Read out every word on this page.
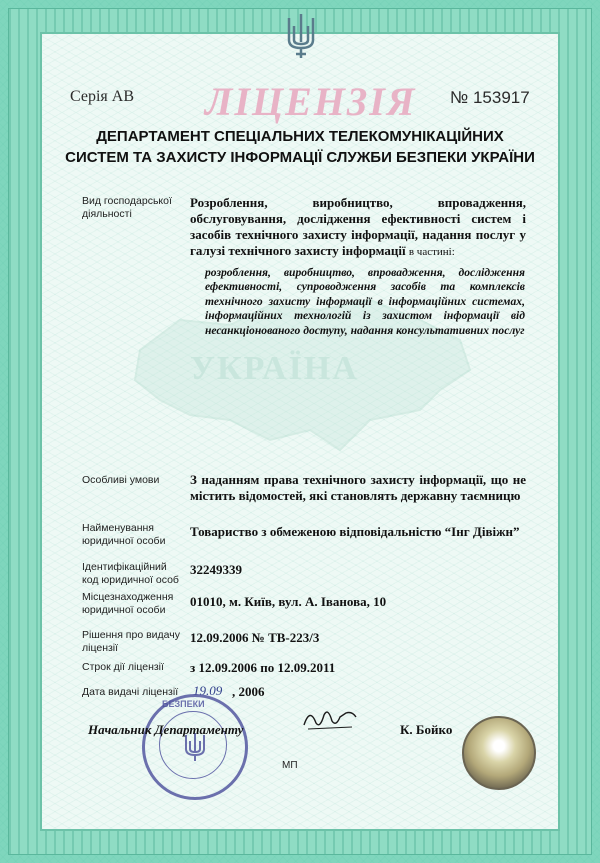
УКРАЇНА
Серія АВ ЛІЦЕНЗІЯ № 153917
ДЕПАРТАМЕНТ СПЕЦІАЛЬНИХ ТЕЛЕКОМУНІКАЦІЙНИХ
СИСТЕМ ТА ЗАХИСТУ ІНФОРМАЦІЇ СЛУЖБИ БЕЗПЕКИ УКРАЇНИ
Вид господарської
діяльності
Розроблення, виробництво, впровадження, обслуговування, дослідження ефективності систем і засобів технічного захисту інформації, надання послуг у галузі технічного захисту інформації в частині:
розроблення, виробництво, впровадження, дослідження ефективності, супроводження засобів та комплексів технічного захисту інформації в інформаційних системах, інформаційних технологій із захистом інформації від несанкціонованого доступу, надання консультативних послуг
Особливі умови З наданням права технічного захисту інформації, що не містить відомостей, які становлять державну таємницю
Найменування
юридичної особи
Товариство з обмеженою відповідальністю “Інг Дівіжн”
Ідентифікаційний
код юридичної особ
32249339
Місцезнаходження
юридичної особи
01010, м. Київ, вул. А. Іванова, 10
Рішення про видачу
ліцензії
12.09.2006 № ТВ-223/3
Строк дії ліцензії з 12.09.2006 по 12.09.2011
Дата видачі ліцензії 19.09 , 2006
БЕЗПЕКИ
Начальник Департаменту	К. Бойко
МП
